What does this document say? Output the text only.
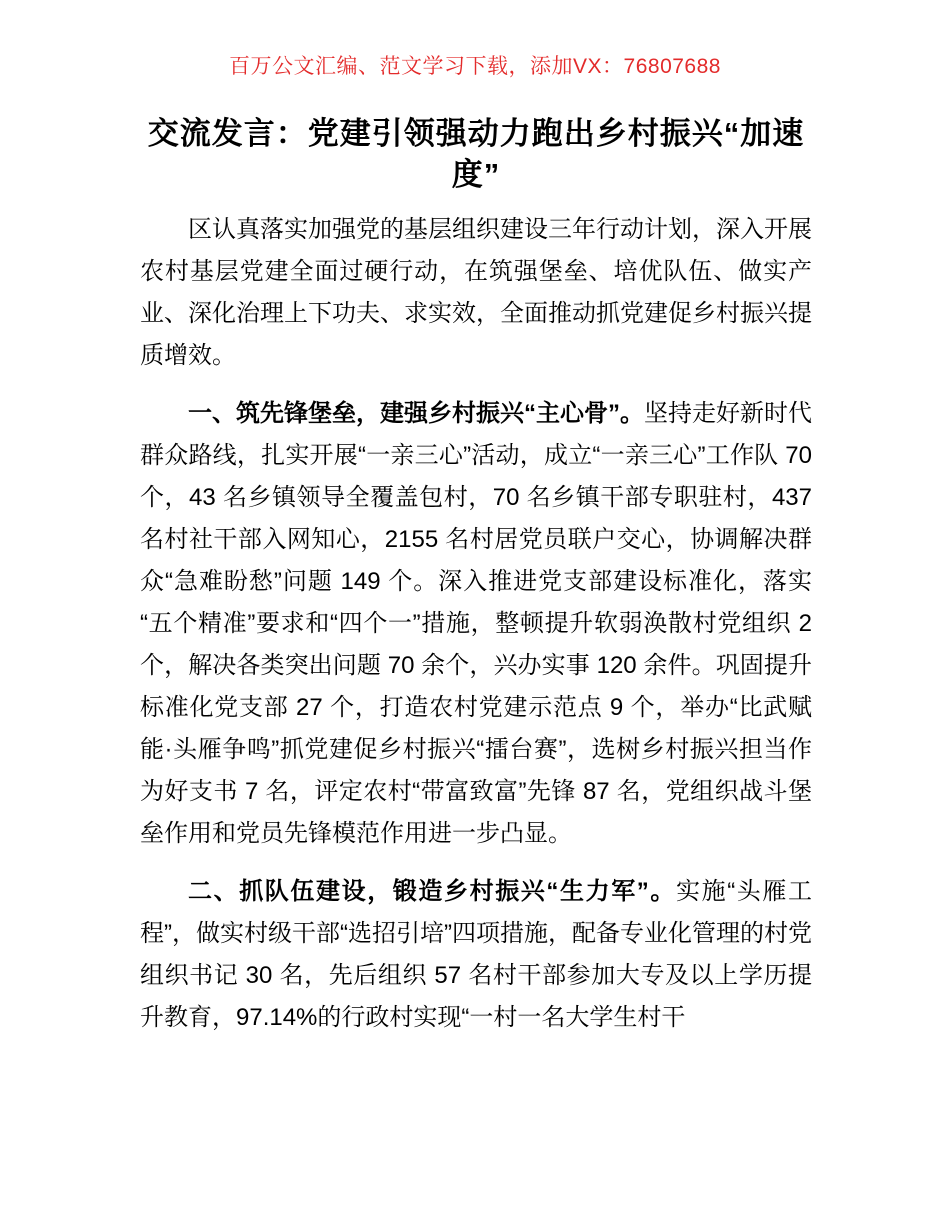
百万公文汇编、范文学习下载，添加VX：76807688
交流发言：党建引领强动力跑出乡村振兴“加速度”

区认真落实加强党的基层组织建设三年行动计划，深入开展农村基层党建全面过硬行动，在筑强堡垒、培优队伍、做实产业、深化治理上下功夫、求实效，全面推动抓党建促乡村振兴提质增效。

一、筑先锋堡垒，建强乡村振兴“主心骨”。坚持走好新时代群众路线，扎实开展“一亲三心”活动，成立“一亲三心”工作队 70 个，43 名乡镇领导全覆盖包村，70 名乡镇干部专职驻村，437 名村社干部入网知心，2155 名村居党员联户交心，协调解决群众“急难盼愁”问题 149 个。深入推进党支部建设标准化，落实“五个精准”要求和“四个一”措施，整顿提升软弱涣散村党组织 2 个，解决各类突出问题 70 余个，兴办实事 120 余件。巩固提升标准化党支部 27 个，打造农村党建示范点 9 个，举办“比武赋能·头雁争鸣”抓党建促乡村振兴“擂台赛”，选树乡村振兴担当作为好支书 7 名，评定农村“带富致富”先锋 87 名，党组织战斗堡垒作用和党员先锋模范作用进一步凸显。

二、抓队伍建设，锻造乡村振兴“生力军”。实施“头雁工程”，做实村级干部“选招引培”四项措施，配备专业化管理的村党组织书记 30 名，先后组织 57 名村干部参加大专及以上学历提升教育，97.14%的行政村实现“一村一名大学生村干
